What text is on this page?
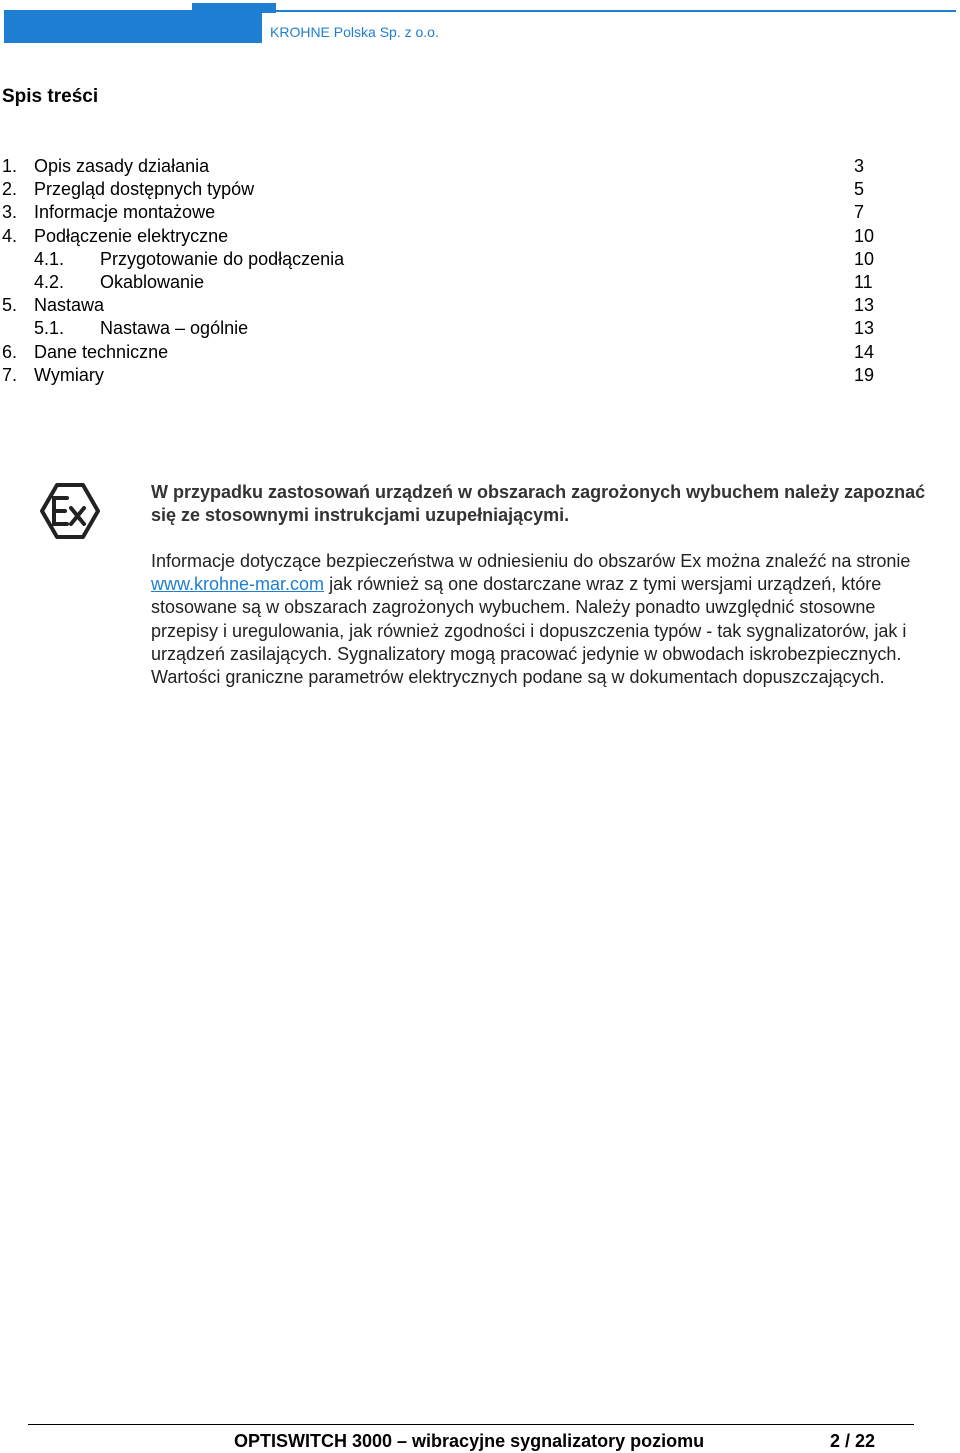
KROHNE Polska Sp. z o.o.
Spis treści
1. Opis zasady działania	3
2. Przegląd dostępnych typów	5
3. Informacje montażowe	7
4. Podłączenie elektryczne	10
4.1. Przygotowanie do podłączenia	10
4.2. Okablowanie	11
5. Nastawa	13
5.1. Nastawa – ogólnie	13
6. Dane techniczne	14
7. Wymiary	19
W przypadku zastosowań urządzeń w obszarach zagrożonych wybuchem należy zapoznać się ze stosownymi instrukcjami uzupełniającymi.
Informacje dotyczące bezpieczeństwa w odniesieniu do obszarów Ex można znaleźć na stronie www.krohne-mar.com jak również są one dostarczane wraz z tymi wersjami urządzeń, które stosowane są w obszarach zagrożonych wybuchem. Należy ponadto uwzględnić stosowne przepisy i uregulowania, jak również zgodności i dopuszczenia typów - tak sygnalizatorów, jak i urządzeń zasilających. Sygnalizatory mogą pracować jedynie w obwodach iskrobezpiecznych. Wartości graniczne parametrów elektrycznych podane są w dokumentach dopuszczających.
OPTISWITCH 3000 – wibracyjne sygnalizatory poziomu	2 / 22
